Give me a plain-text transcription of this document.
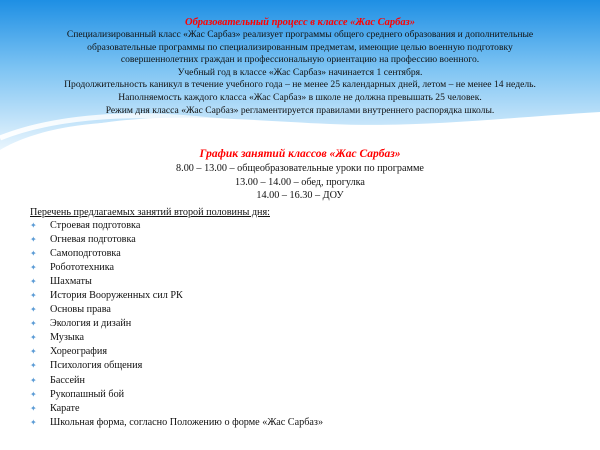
Образовательный процесс в классе «Жас Сарбаз»
Специализированный класс «Жас Сарбаз» реализует программы общего среднего образования и дополнительные
образовательные программы по специализированным предметам, имеющие целью военную подготовку
совершеннолетних граждан и профессиональную ориентацию на профессию военного.
Учебный год в классе «Жас Сарбаз» начинается 1 сентября.
Продолжительность каникул в течение учебного года – не менее 25 календарных дней, летом – не менее 14 недель.
Наполняемость каждого класса «Жас Сарбаз» в школе не должна превышать 25 человек.
Режим дня класса «Жас Сарбаз» регламентируется правилами внутреннего распорядка школы.
График занятий классов «Жас Сарбаз»
8.00 – 13.00 – общеобразовательные уроки по программе
13.00 – 14.00 – обед, прогулка
14.00 – 16.30 – ДОУ
Перечень предлагаемых занятий второй половины дня:
✦ Строевая подготовка
✦ Огневая подготовка
✦ Самоподготовка
✦ Робототехника
✦ Шахматы
✦ История Вооруженных сил РК
✦ Основы права
✦ Экология и дизайн
✦ Музыка
✦ Хореография
✦ Психология общения
✦ Бассейн
✦ Рукопашный бой
✦ Карате
✦ Школьная форма, согласно Положению о форме «Жас Сарбаз»
